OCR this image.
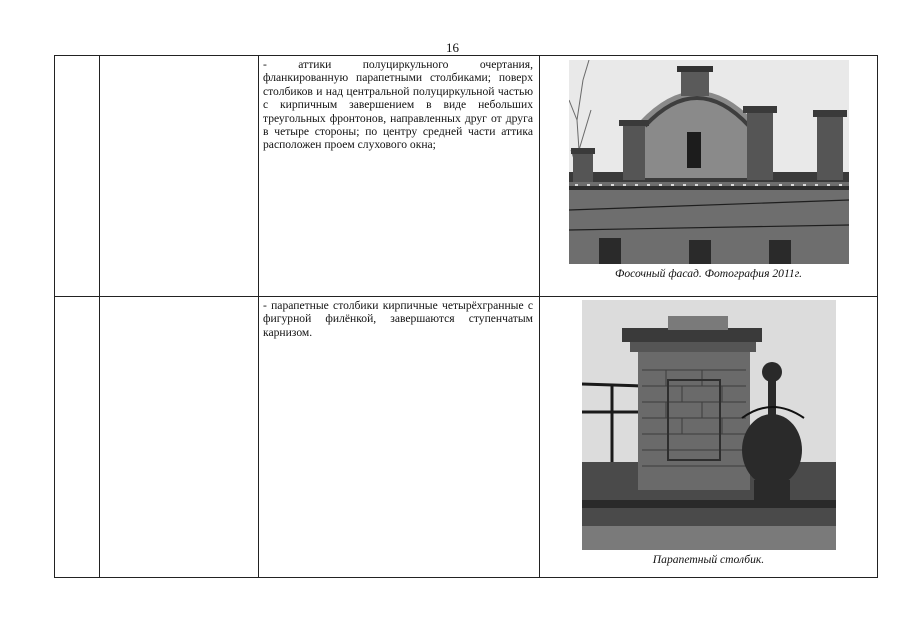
16

		- аттики полуциркульного очертания, фланкированную парапетными столбиками; поверх столбиков и над центральной полуциркульной частью с кирпичным завершением в виде небольших треугольных фронтонов, направленных друг от друга в четыре стороны; по центру средней части аттика расположен проем слухового окна;	Фосочный фасад. Фотография 2011г.

		- парапетные столбики кирпичные четырёхгранные с фигурной филёнкой, завершаются ступенчатым карнизом.	Парапетный столбик.
